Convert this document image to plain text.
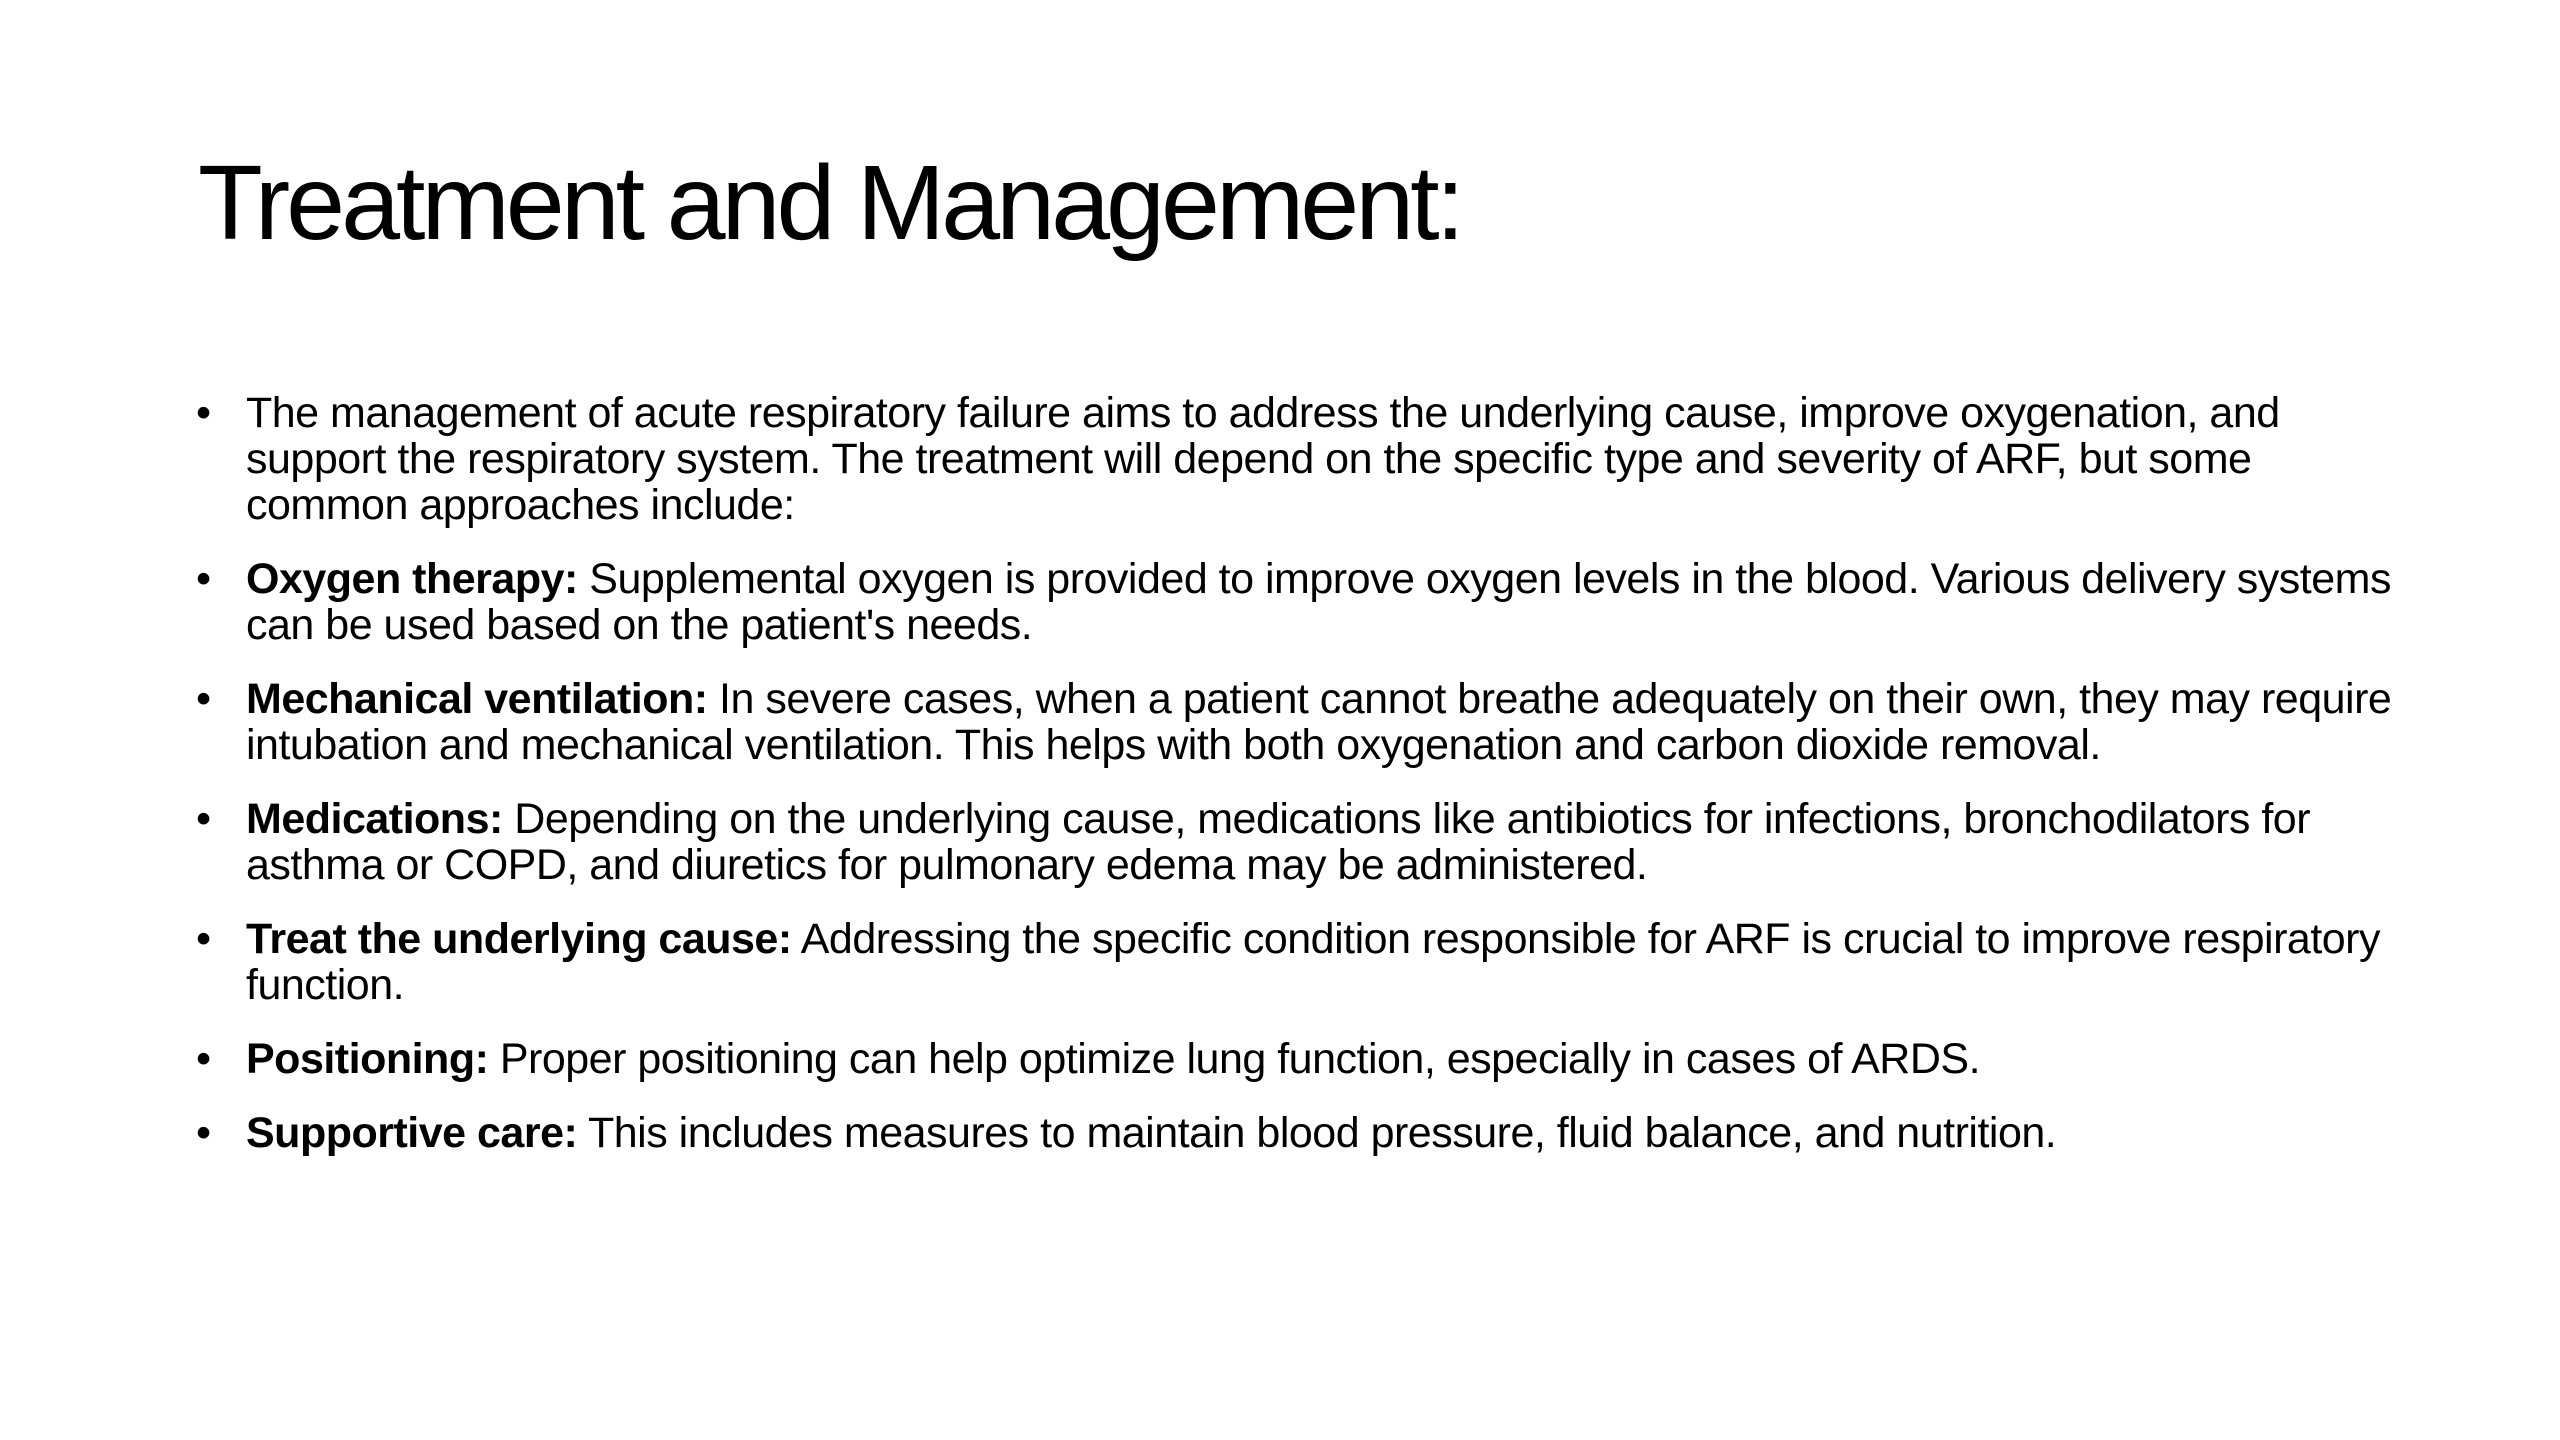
Treatment and Management:
• The management of acute respiratory failure aims to address the underlying cause, improve oxygenation, and support the respiratory system. The treatment will depend on the specific type and severity of ARF, but some common approaches include:
• Oxygen therapy: Supplemental oxygen is provided to improve oxygen levels in the blood. Various delivery systems can be used based on the patient's needs.
• Mechanical ventilation: In severe cases, when a patient cannot breathe adequately on their own, they may require intubation and mechanical ventilation. This helps with both oxygenation and carbon dioxide removal.
• Medications: Depending on the underlying cause, medications like antibiotics for infections, bronchodilators for asthma or COPD, and diuretics for pulmonary edema may be administered.
• Treat the underlying cause: Addressing the specific condition responsible for ARF is crucial to improve respiratory function.
• Positioning: Proper positioning can help optimize lung function, especially in cases of ARDS.
• Supportive care: This includes measures to maintain blood pressure, fluid balance, and nutrition.
